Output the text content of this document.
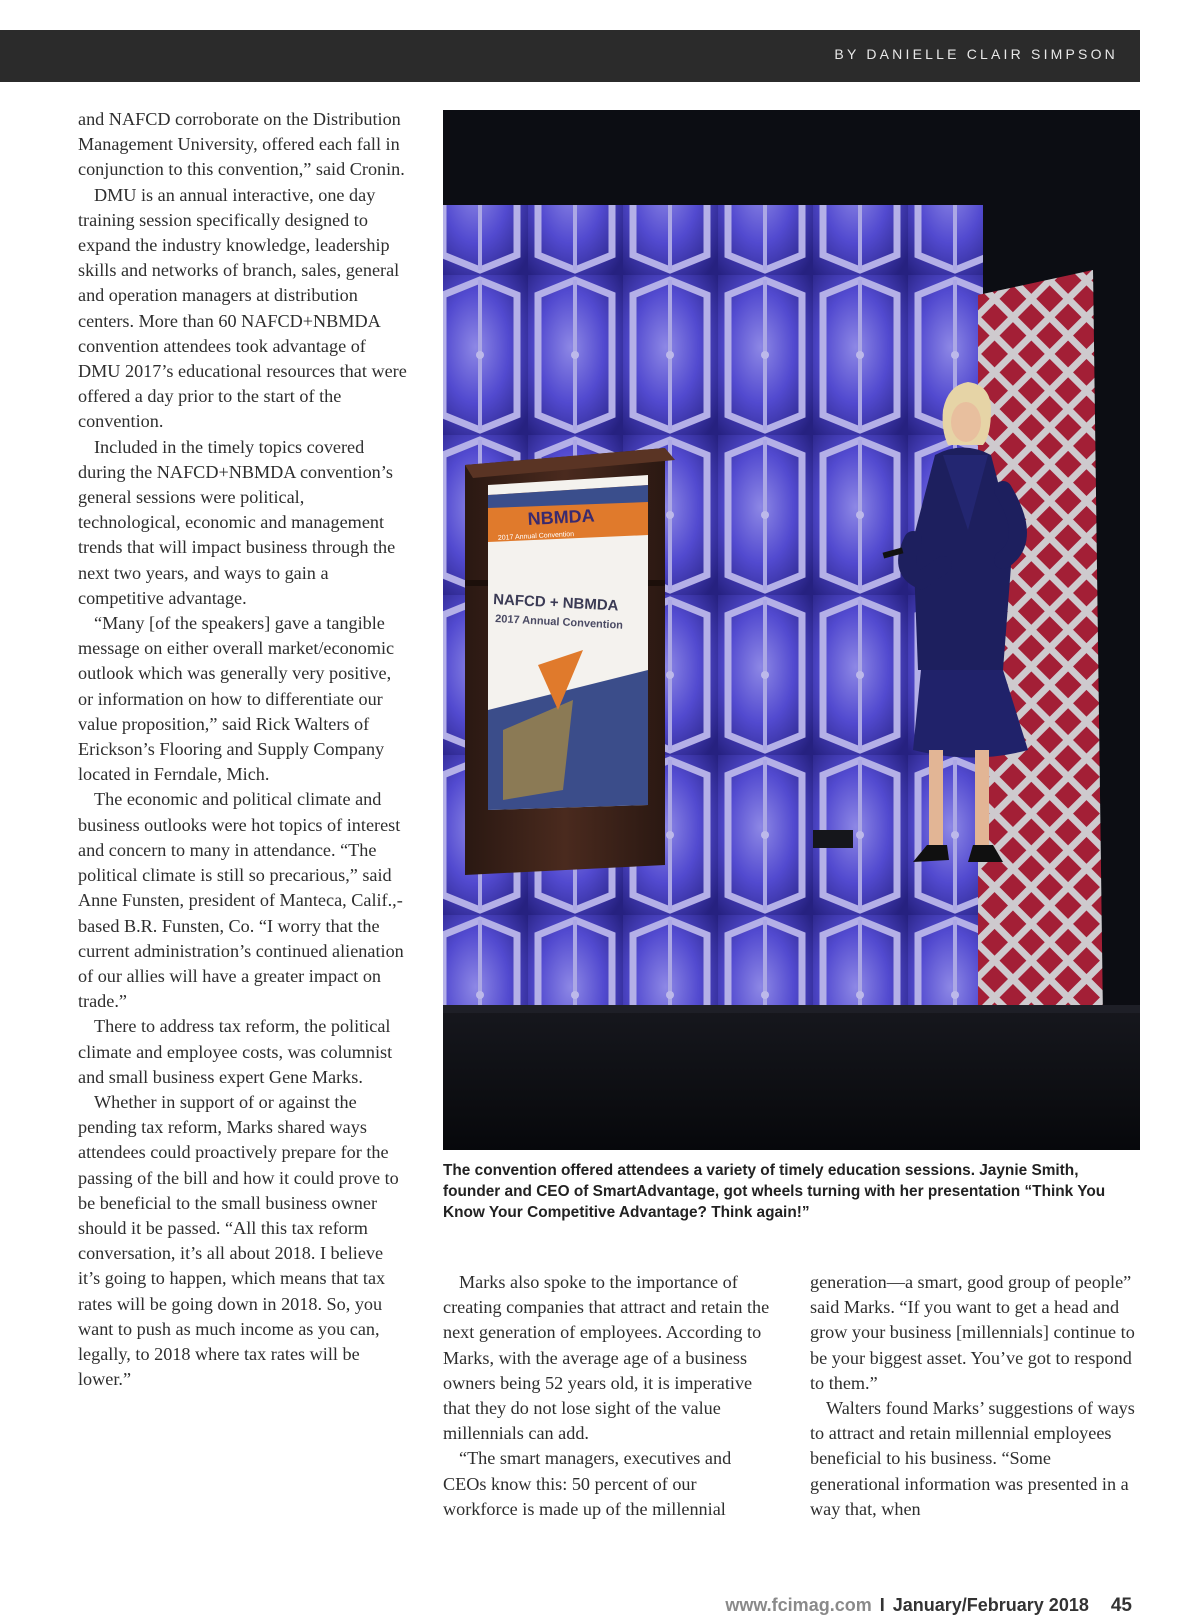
BY DANIELLE CLAIR SIMPSON

and NAFCD corroborate on the Distribution Management University, offered each fall in conjunction to this convention,” said Cronin.

DMU is an annual interactive, one day training session specifically designed to expand the industry knowledge, leadership skills and networks of branch, sales, general and operation managers at distribution centers. More than 60 NAFCD+NBMDA convention attendees took advantage of DMU 2017’s educational resources that were offered a day prior to the start of the convention.

Included in the timely topics covered during the NAFCD+NBMDA convention’s general sessions were political, technological, economic and management trends that will impact business through the next two years, and ways to gain a competitive advantage.

“Many [of the speakers] gave a tangible message on either overall market/economic outlook which was generally very positive, or information on how to differentiate our value proposition,” said Rick Walters of Erickson’s Flooring and Supply Company located in Ferndale, Mich.

The economic and political climate and business outlooks were hot topics of interest and concern to many in attendance. “The political climate is still so precarious,” said Anne Funsten, president of Manteca, Calif.,-based B.R. Funsten, Co. “I worry that the current administration’s continued alienation of our allies will have a greater impact on trade.”

There to address tax reform, the political climate and employee costs, was columnist and small business expert Gene Marks.

Whether in support of or against the pending tax reform, Marks shared ways attendees could proactively prepare for the passing of the bill and how it could prove to be beneficial to the small business owner should it be passed. “All this tax reform conversation, it’s all about 2018. I believe it’s going to happen, which means that tax rates will be going down in 2018. So, you want to push as much income as you can, legally, to 2018 where tax rates will be lower.”

NBMDA
2017 Annual Convention
NAFCD + NBMDA
2017 Annual Convention
The convention offered attendees a variety of timely education sessions. Jaynie Smith, founder and CEO of SmartAdvantage, got wheels turning with her presentation “Think You Know Your Competitive Advantage? Think again!”

Marks also spoke to the importance of creating companies that attract and retain the next generation of employees. According to Marks, with the average age of a business owners being 52 years old, it is imperative that they do not lose sight of the value millennials can add.

“The smart managers, executives and CEOs know this: 50 percent of our workforce is made up of the millennial

generation—a smart, good group of people” said Marks. “If you want to get a head and grow your business [millennials] continue to be your biggest asset. You’ve got to respond to them.”

Walters found Marks’ suggestions of ways to attract and retain millennial employees beneficial to his business. “Some generational information was presented in a way that, when

www.fcimag.com I January/February 2018 45
